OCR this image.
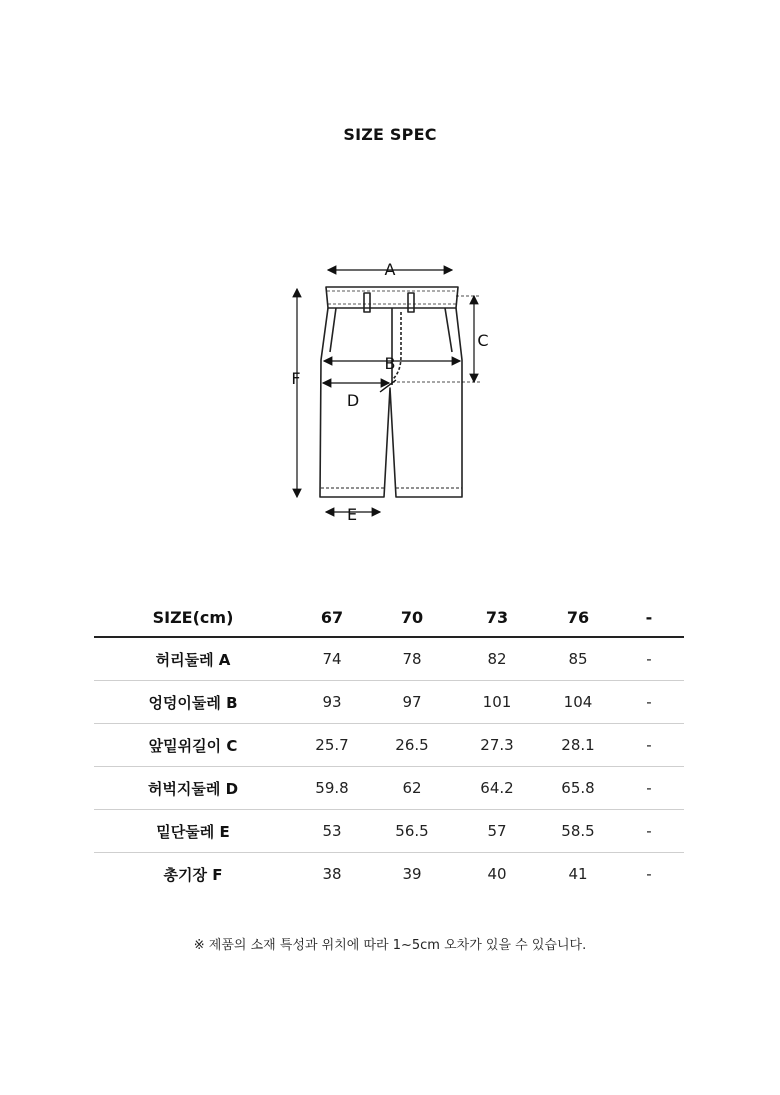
SIZE SPEC
A
B
C
D
E
F
SIZE(cm)	67	70	73	76	-
허리둘레 A	74	78	82	85	-
엉덩이둘레 B	93	97	101	104	-
앞밑위길이 C	25.7	26.5	27.3	28.1	-
허벅지둘레 D	59.8	62	64.2	65.8	-
밑단둘레 E	53	56.5	57	58.5	-
총기장 F	38	39	40	41	-
※ 제품의 소재 특성과 위치에 따라 1~5cm 오차가 있을 수 있습니다.
